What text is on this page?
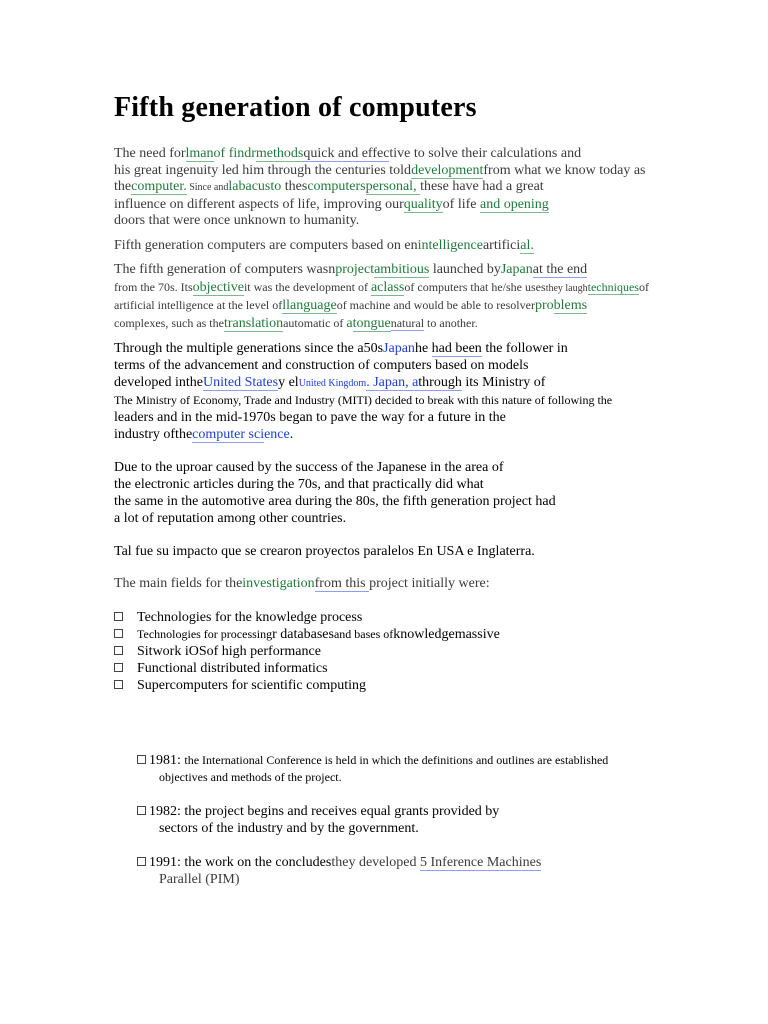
Fifth generation of computers
The need forlmanof findrmethodsquick and effective to solve their calculations and
his great ingenuity led him through the centuries tolddevelopmentfrom what we know today as
thecomputer. Since andlabacusto thescomputerspersonal, these have had a great
influence on different aspects of life, improving ourqualityof life and opening
doors that were once unknown to humanity.
Fifth generation computers are computers based on enintelligenceartificial.
The fifth generation of computers wasnprojectambitious launched byJapanat the end
from the 70s. Itsobjectiveit was the development of aclassof computers that he/she usesthey laughtechniquesof
artificial intelligence at the level ofllanguageof machine and would be able to resolverproblems
complexes, such as thetranslationautomatic of atonguenatural to another.
Through the multiple generations since the a50sJapanhe had been the follower in
terms of the advancement and construction of computers based on models
developed intheUnited Statesy elUnited Kingdom. Japan, athrough its Ministry of
The Ministry of Economy, Trade and Industry (MITI) decided to break with this nature of following the
leaders and in the mid-1970s began to pave the way for a future in the
industry ofthecomputer science.
Due to the uproar caused by the success of the Japanese in the area of
the electronic articles during the 70s, and that practically did what
the same in the automotive area during the 80s, the fifth generation project had
a lot of reputation among other countries.
Tal fue su impacto que se crearon proyectos paralelos En USA e Inglaterra.
The main fields for theinvestigationfrom this project initially were:
Technologies for the knowledge process
Technologies for processingr databasesand bases ofknowledgemassive
Sitwork iOSof high performance
Functional distributed informatics
Supercomputers for scientific computing
1981: the International Conference is held in which the definitions and outlines are established
objectives and methods of the project.
1982: the project begins and receives equal grants provided by
sectors of the industry and by the government.
1991: the work on the concludesthey developed 5 Inference Machines
Parallel (PIM)
